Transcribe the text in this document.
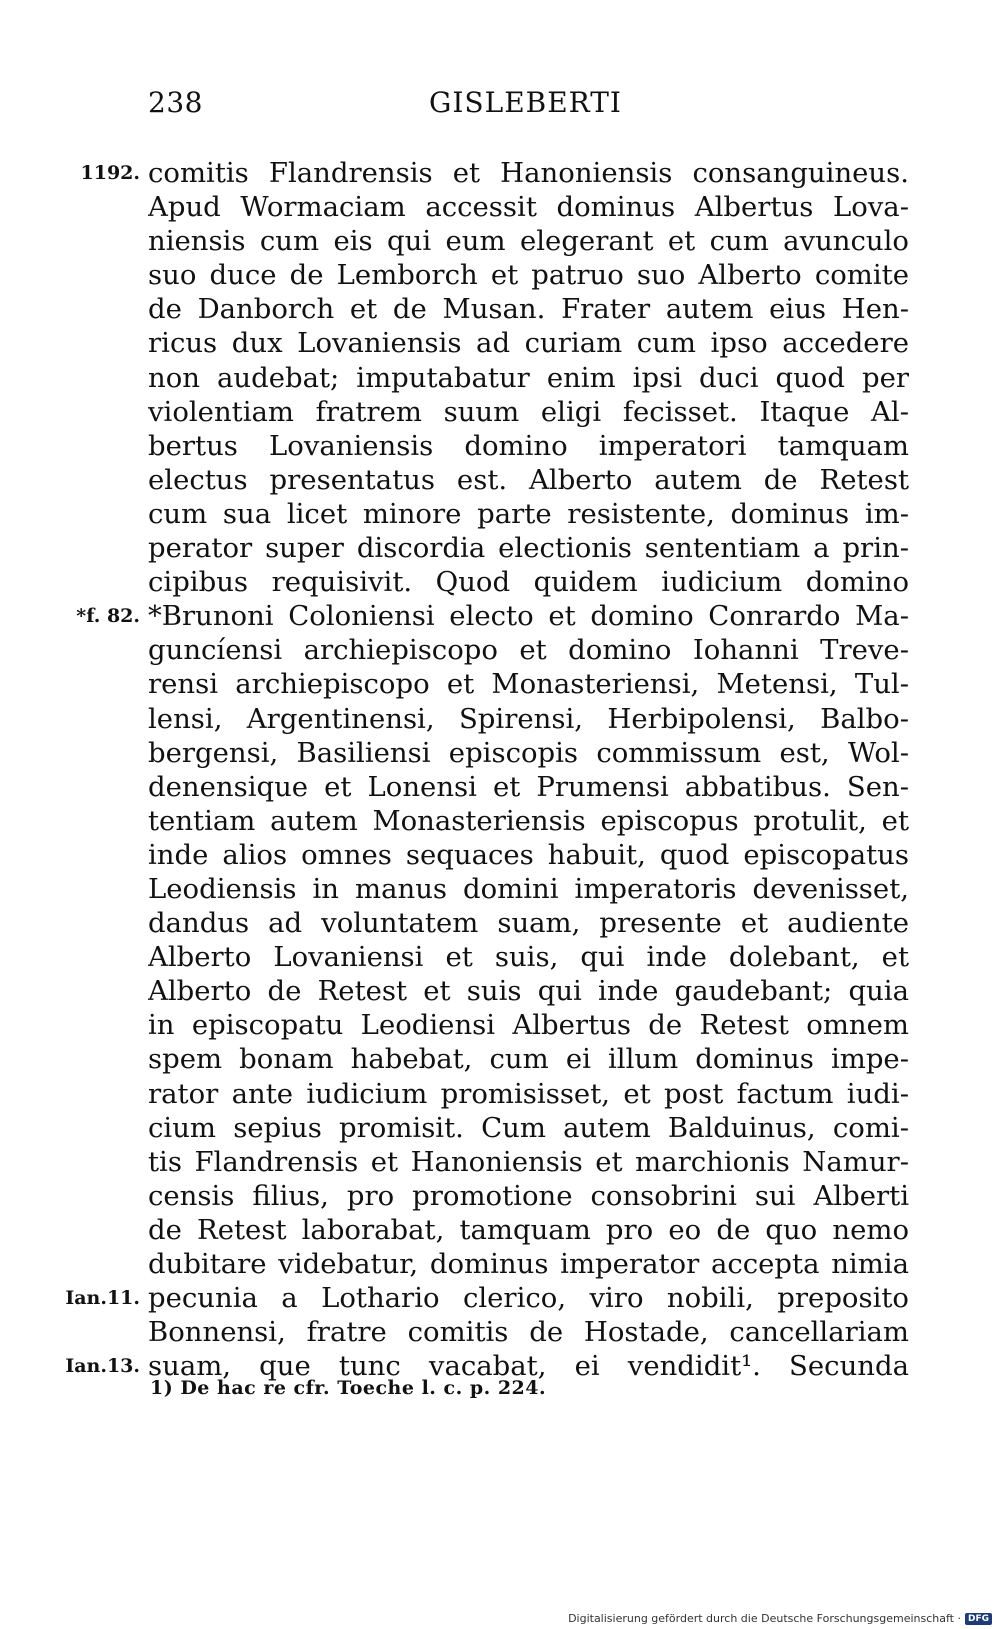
238	GISLEBERTI
1192. comitis Flandrensis et Hanoniensis consanguineus.
Apud Wormaciam accessit dominus Albertus Lova-
niensis cum eis qui eum elegerant et cum avunculo
suo duce de Lemborch et patruo suo Alberto comite
de Danborch et de Musan. Frater autem eius Hen-
ricus dux Lovaniensis ad curiam cum ipso accedere
non audebat; imputabatur enim ipsi duci quod per
violentiam fratrem suum eligi fecisset. Itaque Al-
bertus Lovaniensis domino imperatori tamquam
electus presentatus est. Alberto autem de Retest
cum sua licet minore parte resistente, dominus im-
perator super discordia electionis sententiam a prin-
cipibus requisivit. Quod quidem iudicium domino
*f. 82. *Brunoni Coloniensi electo et domino Conrardo Ma-
guncíensi archiepiscopo et domino Iohanni Treve-
rensi archiepiscopo et Monasteriensi, Metensi, Tul-
lensi, Argentinensi, Spirensi, Herbipolensi, Balbo-
bergensi, Basiliensi episcopis commissum est, Wol-
denensique et Lonensi et Prumensi abbatibus. Sen-
tentiam autem Monasteriensis episcopus protulit, et
inde alios omnes sequaces habuit, quod episcopatus
Leodiensis in manus domini imperatoris devenisset,
dandus ad voluntatem suam, presente et audiente
Alberto Lovaniensi et suis, qui inde dolebant, et
Alberto de Retest et suis qui inde gaudebant; quia
in episcopatu Leodiensi Albertus de Retest omnem
spem bonam habebat, cum ei illum dominus impe-
rator ante iudicium promisisset, et post factum iudi-
cium sepius promisit. Cum autem Balduinus, comi-
tis Flandrensis et Hanoniensis et marchionis Namur-
censis filius, pro promotione consobrini sui Alberti
de Retest laborabat, tamquam pro eo de quo nemo
dubitare videbatur, dominus imperator accepta nimia
Ian.11. pecunia a Lothario clerico, viro nobili, preposito
Bonnensi, fratre comitis de Hostade, cancellariam
Ian.13. suam, que tunc vacabat, ei vendidit¹. Secunda
1) De hac re cfr. Toeche l. c. p. 224.
Digitalisierung gefördert durch die Deutsche Forschungsgemeinschaft · DFG
